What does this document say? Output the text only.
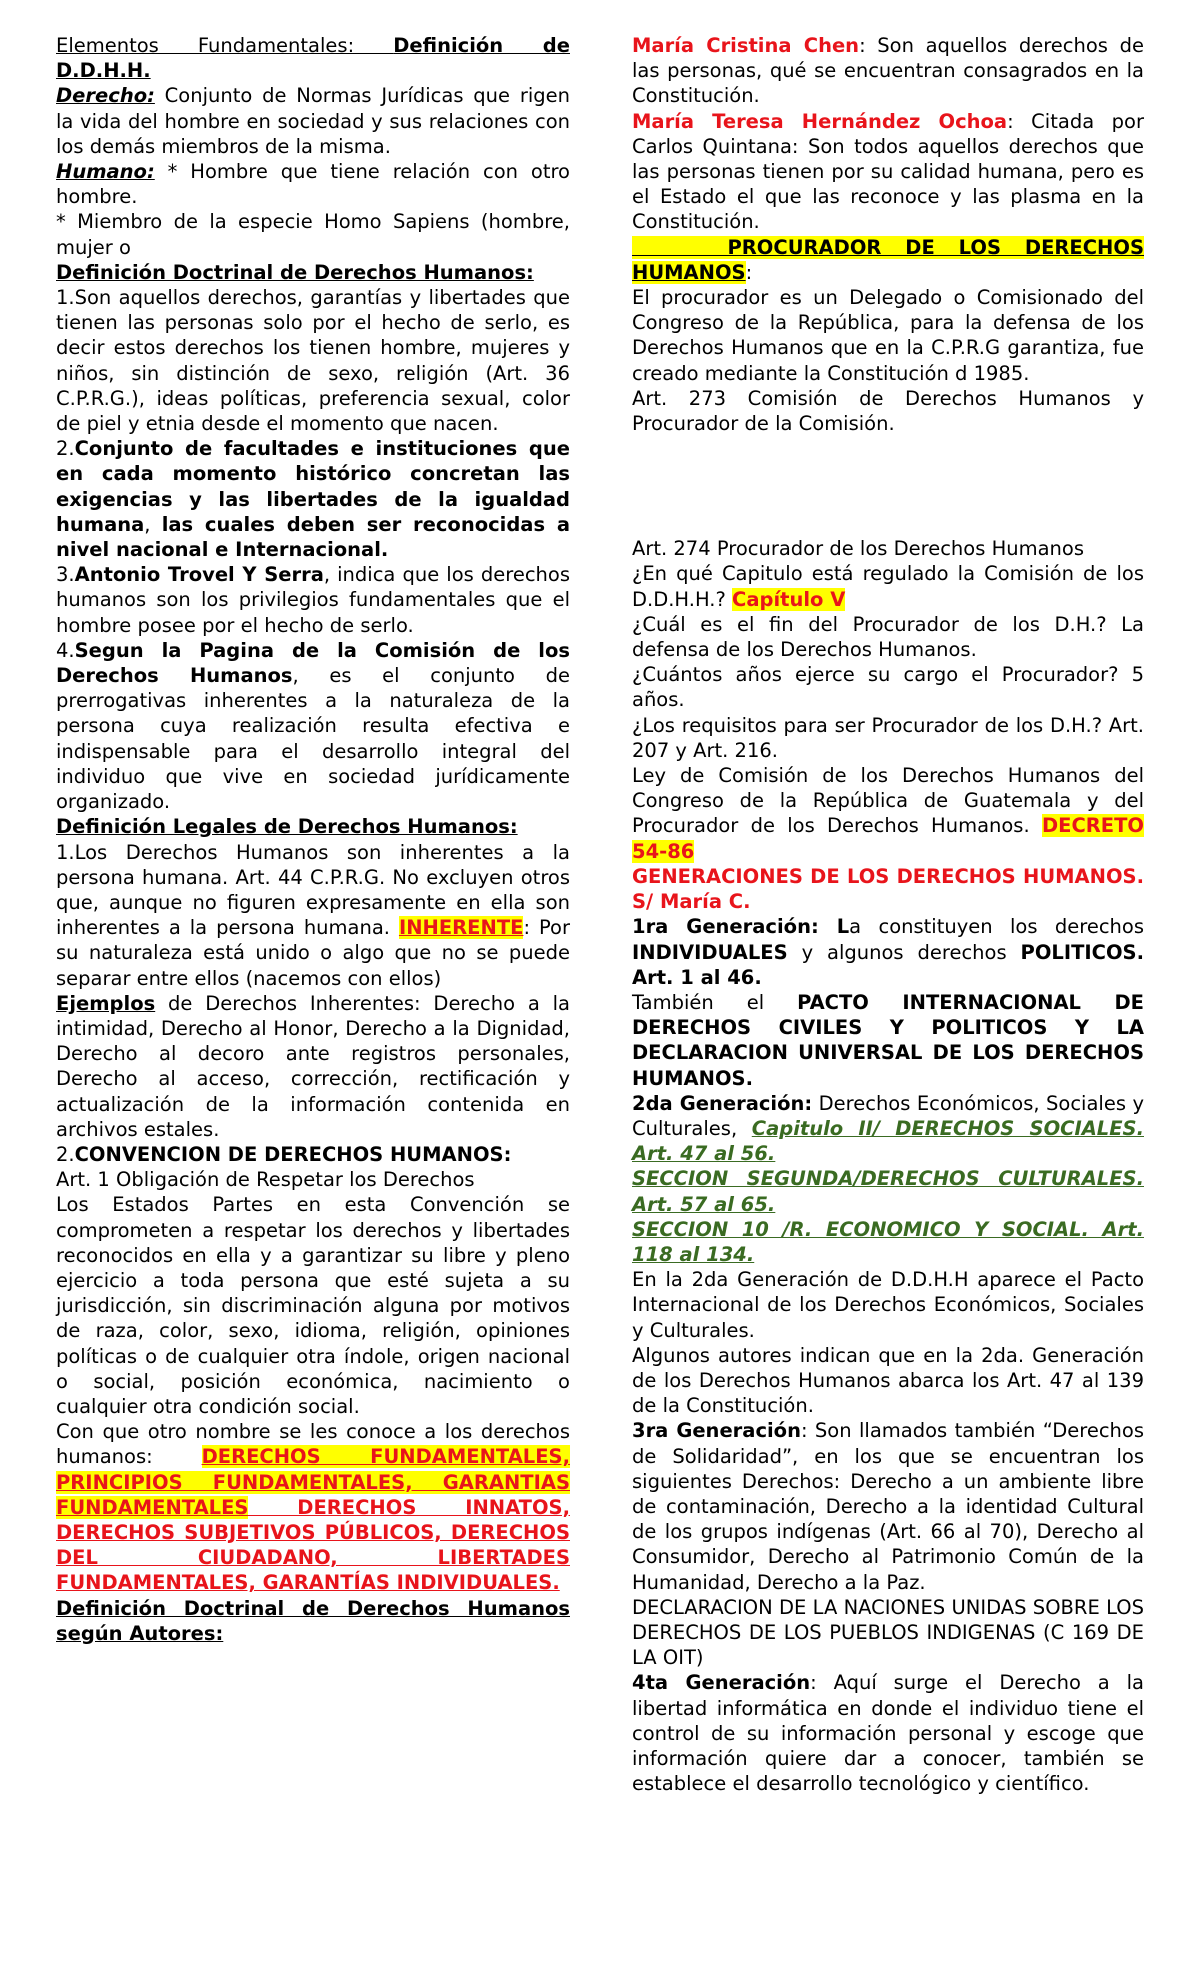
Elementos Fundamentales: Definición de D.D.H.H.

Derecho: Conjunto de Normas Jurídicas que rigen la vida del hombre en sociedad y sus relaciones con los demás miembros de la misma.

Humano: * Hombre que tiene relación con otro hombre.

* Miembro de la especie Homo Sapiens (hombre, mujer o

Definición Doctrinal de Derechos Humanos:

1.Son aquellos derechos, garantías y libertades que tienen las personas solo por el hecho de serlo, es decir estos derechos los tienen hombre, mujeres y niños, sin distinción de sexo, religión (Art. 36 C.P.R.G.), ideas políticas, preferencia sexual, color de piel y etnia desde el momento que nacen.

2.Conjunto de facultades e instituciones que en cada momento histórico concretan las exigencias y las libertades de la igualdad humana, las cuales deben ser reconocidas a nivel nacional e Internacional.

3.Antonio Trovel Y Serra, indica que los derechos humanos son los privilegios fundamentales que el hombre posee por el hecho de serlo.

4.Segun la Pagina de la Comisión de los Derechos Humanos, es el conjunto de prerrogativas inherentes a la naturaleza de la persona cuya realización resulta efectiva e indispensable para el desarrollo integral del individuo que vive en sociedad jurídicamente organizado.

Definición Legales de Derechos Humanos:

1.Los Derechos Humanos son inherentes a la persona humana. Art. 44 C.P.R.G. No excluyen otros que, aunque no figuren expresamente en ella son inherentes a la persona humana. INHERENTE: Por su naturaleza está unido o algo que no se puede separar entre ellos (nacemos con ellos)

Ejemplos de Derechos Inherentes: Derecho a la intimidad, Derecho al Honor, Derecho a la Dignidad, Derecho al decoro ante registros personales, Derecho al acceso, corrección, rectificación y actualización de la información contenida en archivos estales.

2.CONVENCION DE DERECHOS HUMANOS:

Art. 1 Obligación de Respetar los Derechos

Los Estados Partes en esta Convención se comprometen a respetar los derechos y libertades reconocidos en ella y a garantizar su libre y pleno ejercicio a toda persona que esté sujeta a su jurisdicción, sin discriminación alguna por motivos de raza, color, sexo, idioma, religión, opiniones políticas o de cualquier otra índole, origen nacional o social, posición económica, nacimiento o cualquier otra condición social.

Con que otro nombre se les conoce a los derechos humanos: DERECHOS FUNDAMENTALES, PRINCIPIOS FUNDAMENTALES, GARANTIAS FUNDAMENTALES DERECHOS INNATOS, DERECHOS SUBJETIVOS PÚBLICOS, DERECHOS DEL CIUDADANO, LIBERTADES FUNDAMENTALES, GARANTÍAS INDIVIDUALES.

Definición Doctrinal de Derechos Humanos según Autores:

María Cristina Chen: Son aquellos derechos de las personas, qué se encuentran consagrados en la Constitución.

María Teresa Hernández Ochoa: Citada por Carlos Quintana: Son todos aquellos derechos que las personas tienen por su calidad humana, pero es el Estado el que las reconoce y las plasma en la Constitución.

PROCURADOR DE LOS DERECHOS HUMANOS:

El procurador es un Delegado o Comisionado del Congreso de la República, para la defensa de los Derechos Humanos que en la C.P.R.G garantiza, fue creado mediante la Constitución d 1985.

Art. 273 Comisión de Derechos Humanos y Procurador de la Comisión.

Art. 274 Procurador de los Derechos Humanos

¿En qué Capitulo está regulado la Comisión de los D.D.H.H.? Capítulo V

¿Cuál es el fin del Procurador de los D.H.? La defensa de los Derechos Humanos.

¿Cuántos años ejerce su cargo el Procurador? 5 años.

¿Los requisitos para ser Procurador de los D.H.? Art. 207 y Art. 216.

Ley de Comisión de los Derechos Humanos del Congreso de la República de Guatemala y del Procurador de los Derechos Humanos. DECRETO 54-86

GENERACIONES DE LOS DERECHOS HUMANOS. S/ María C.

1ra Generación: La constituyen los derechos INDIVIDUALES y algunos derechos POLITICOS. Art. 1 al 46.

También el PACTO INTERNACIONAL DE DERECHOS CIVILES Y POLITICOS Y LA DECLARACION UNIVERSAL DE LOS DERECHOS HUMANOS.

2da Generación: Derechos Económicos, Sociales y Culturales, Capitulo II/ DERECHOS SOCIALES. Art. 47 al 56.

SECCION SEGUNDA/DERECHOS CULTURALES. Art. 57 al 65.

SECCION 10 /R. ECONOMICO Y SOCIAL. Art. 118 al 134.

En la 2da Generación de D.D.H.H aparece el Pacto Internacional de los Derechos Económicos, Sociales y Culturales.

Algunos autores indican que en la 2da. Generación de los Derechos Humanos abarca los Art. 47 al 139 de la Constitución.

3ra Generación: Son llamados también “Derechos de Solidaridad”, en los que se encuentran los siguientes Derechos: Derecho a un ambiente libre de contaminación, Derecho a la identidad Cultural de los grupos indígenas (Art. 66 al 70), Derecho al Consumidor, Derecho al Patrimonio Común de la Humanidad, Derecho a la Paz.

DECLARACION DE LA NACIONES UNIDAS SOBRE LOS DERECHOS DE LOS PUEBLOS INDIGENAS (C 169 DE LA OIT)

4ta Generación: Aquí surge el Derecho a la libertad informática en donde el individuo tiene el control de su información personal y escoge que información quiere dar a conocer, también se establece el desarrollo tecnológico y científico.
